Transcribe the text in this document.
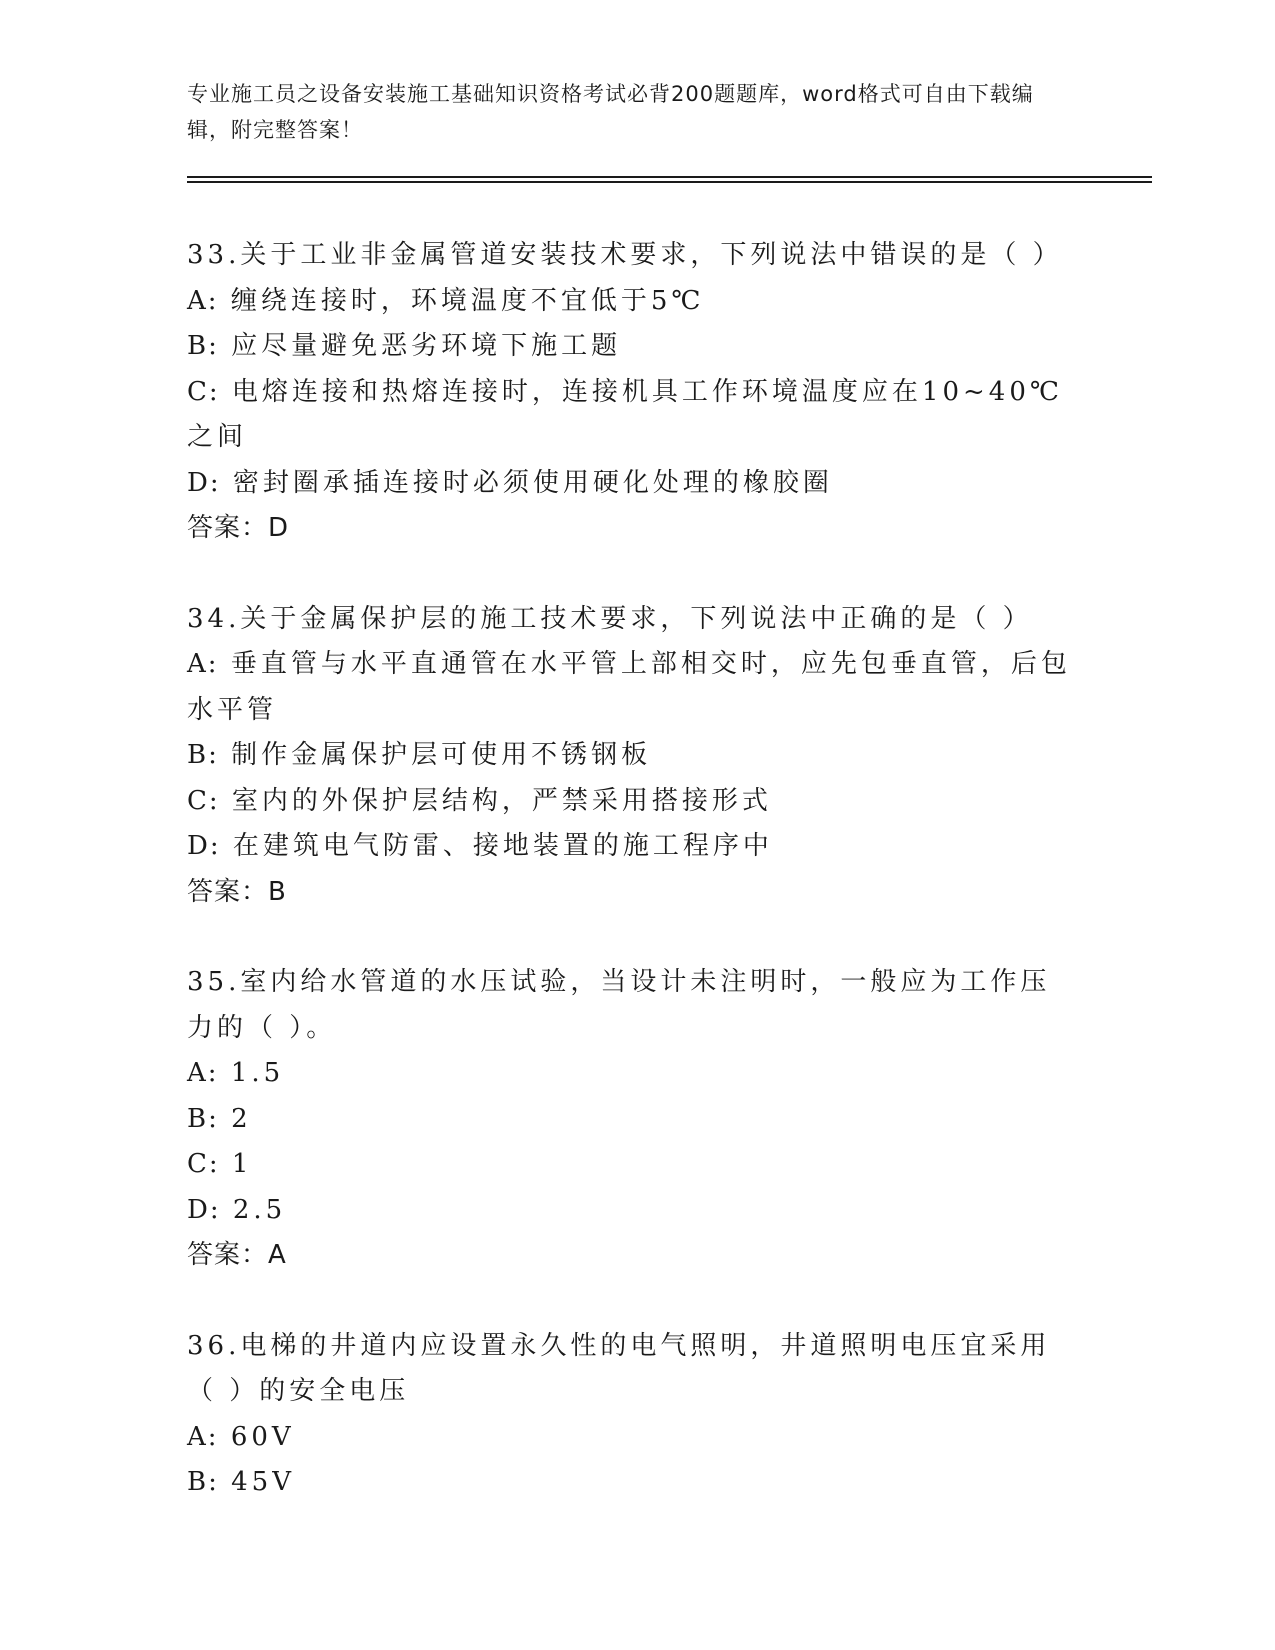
专业施工员之设备安装施工基础知识资格考试必背200题题库，word格式可自由下载编辑，附完整答案！
33.关于工业非金属管道安装技术要求，下列说法中错误的是（ ）
A: 缠绕连接时，环境温度不宜低于5℃
B: 应尽量避免恶劣环境下施工题
C: 电熔连接和热熔连接时，连接机具工作环境温度应在10~40℃之间
D: 密封圈承插连接时必须使用硬化处理的橡胶圈
答案：D
34.关于金属保护层的施工技术要求，下列说法中正确的是（ ）
A: 垂直管与水平直通管在水平管上部相交时，应先包垂直管，后包水平管
B: 制作金属保护层可使用不锈钢板
C: 室内的外保护层结构，严禁采用搭接形式
D: 在建筑电气防雷、接地装置的施工程序中
答案：B
35.室内给水管道的水压试验，当设计未注明时，一般应为工作压力的（ ）。
A: 1.5
B: 2
C: 1
D: 2.5
答案：A
36.电梯的井道内应设置永久性的电气照明，井道照明电压宜采用（ ）的安全电压
A: 60V
B: 45V
